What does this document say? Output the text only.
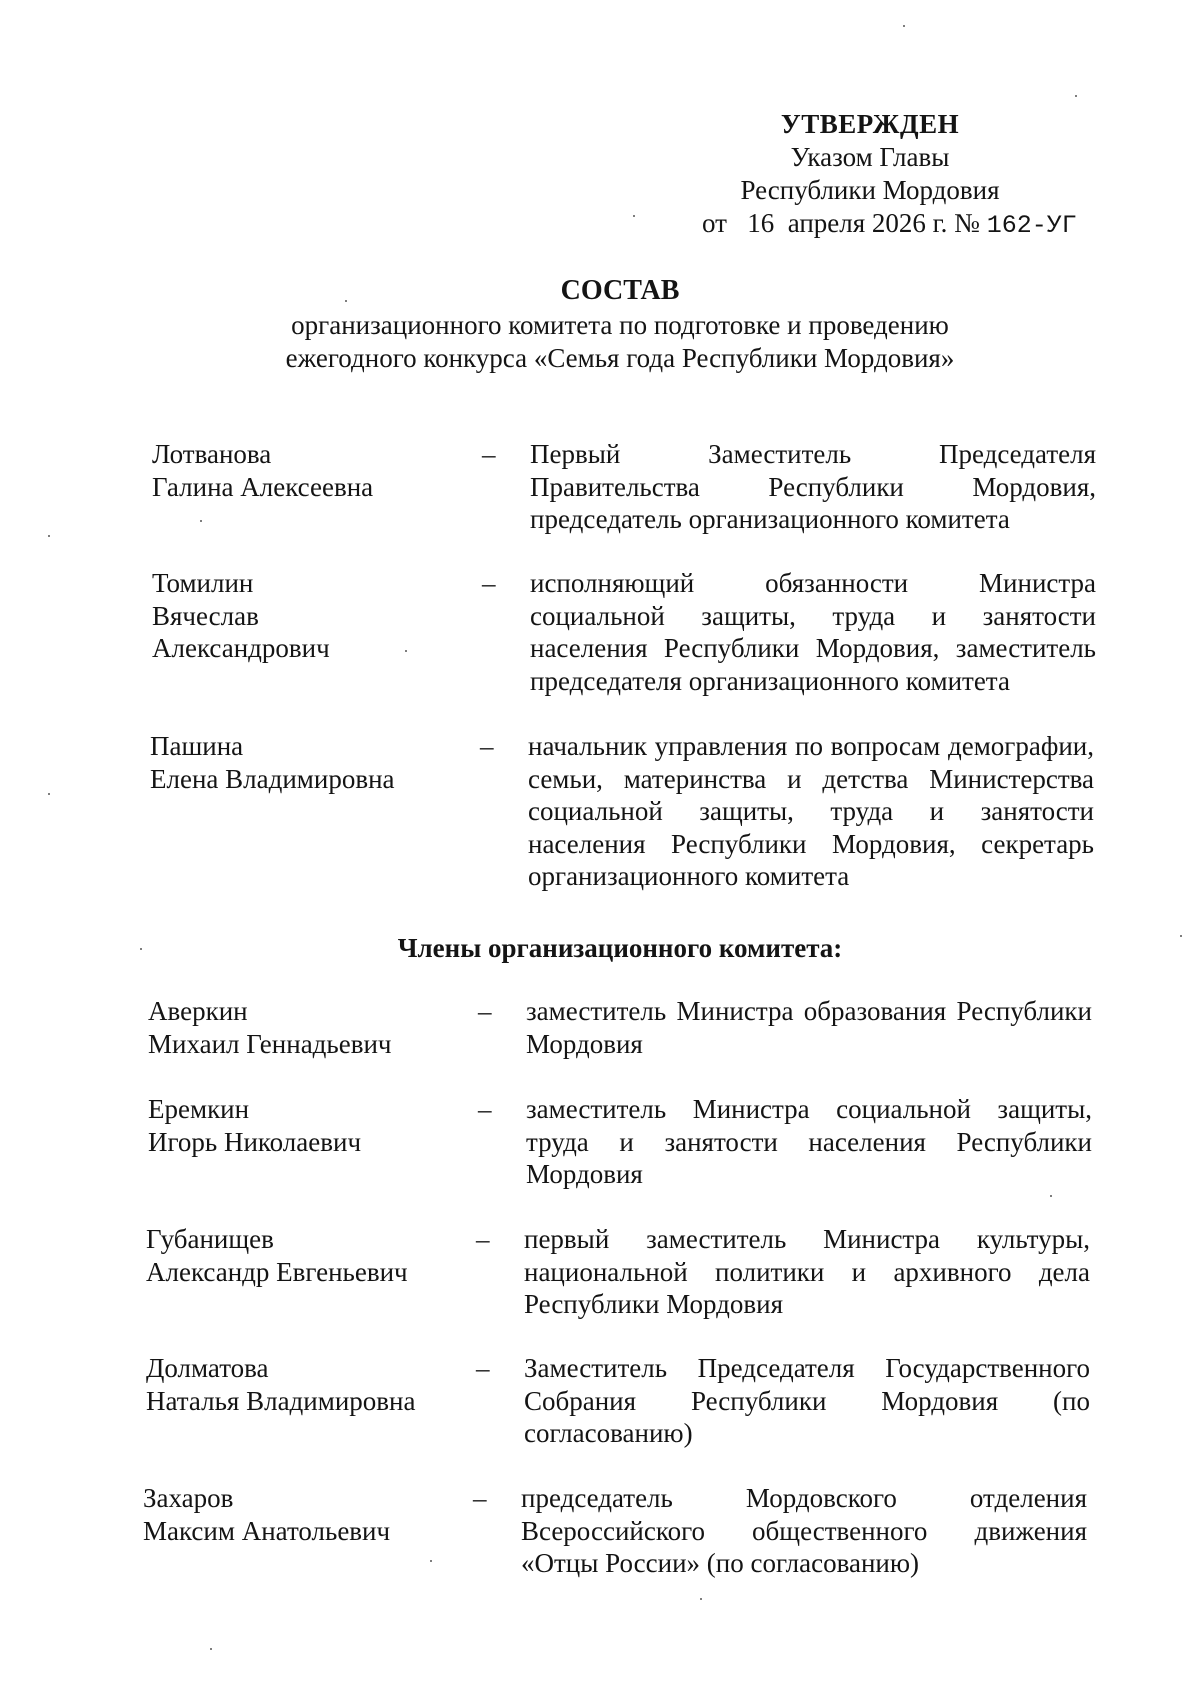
УТВЕРЖДЕН
Указом Главы
Республики Мордовия
от 16 апреля 2026 г. № 162-УГ
СОСТАВ
организационного комитета по подготовке и проведению
ежегодного конкурса «Семья года Республики Мордовия»
Лотванова
Галина Алексеевна
– Первый Заместитель Председателя Правительства Республики Мордовия, председатель организационного комитета
Томилин
Вячеслав
Александрович
– исполняющий обязанности Министра социальной защиты, труда и занятости населения Республики Мордовия, заместитель председателя организационного комитета
Пашина
Елена Владимировна
– начальник управления по вопросам демографии, семьи, материнства и детства Министерства социальной защиты, труда и занятости населения Республики Мордовия, секретарь организационного комитета
Члены организационного комитета:
Аверкин
Михаил Геннадьевич
– заместитель Министра образования Республики Мордовия
Еремкин
Игорь Николаевич
– заместитель Министра социальной защиты, труда и занятости населения Республики Мордовия
Губанищев
Александр Евгеньевич
– первый заместитель Министра культуры, национальной политики и архивного дела Республики Мордовия
Долматова
Наталья Владимировна
– Заместитель Председателя Государственного Собрания Республики Мордовия (по согласованию)
Захаров
Максим Анатольевич
– председатель Мордовского отделения Всероссийского общественного движения «Отцы России» (по согласованию)
